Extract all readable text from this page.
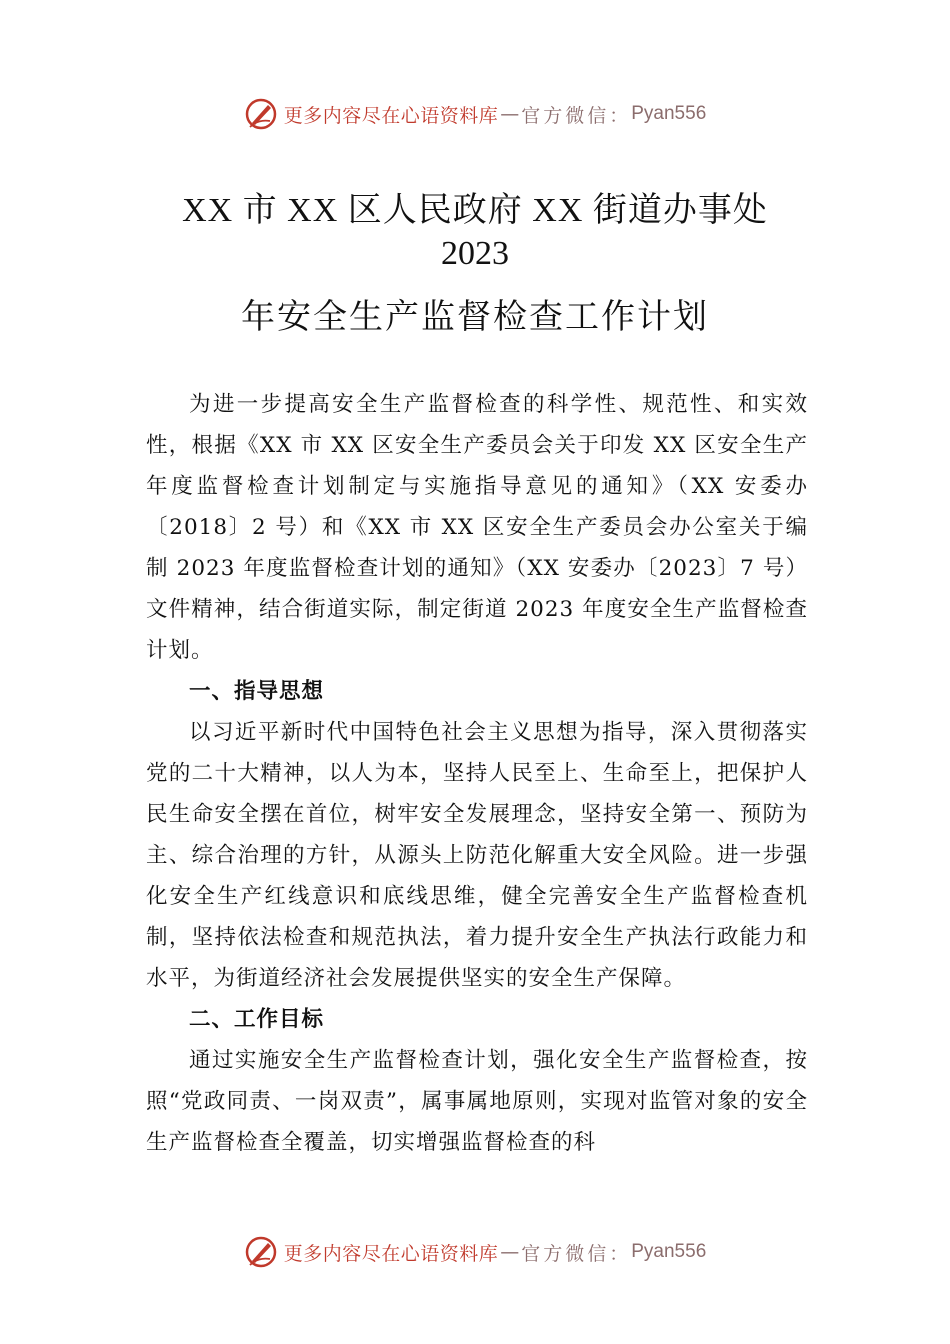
更多内容尽在心语资料库 — 官方微信： Pyan556
XX 市 XX 区人民政府 XX 街道办事处
2023
年安全生产监督检查工作计划

为进一步提高安全生产监督检查的科学性、规范性、和实效性，根据《XX 市 XX 区安全生产委员会关于印发 XX 区安全生产年度监督检查计划制定与实施指导意见的通知》（XX 安委办〔2018〕2 号）和《XX 市 XX 区安全生产委员会办公室关于编制 2023 年度监督检查计划的通知》（XX 安委办〔2023〕7 号）文件精神，结合街道实际，制定街道 2023 年度安全生产监督检查计划。

一、指导思想

以习近平新时代中国特色社会主义思想为指导，深入贯彻落实党的二十大精神，以人为本，坚持人民至上、生命至上，把保护人民生命安全摆在首位，树牢安全发展理念，坚持安全第一、预防为主、综合治理的方针，从源头上防范化解重大安全风险。进一步强化安全生产红线意识和底线思维，健全完善安全生产监督检查机制，坚持依法检查和规范执法，着力提升安全生产执法行政能力和水平，为街道经济社会发展提供坚实的安全生产保障。

二、工作目标

通过实施安全生产监督检查计划，强化安全生产监督检查，按照“党政同责、一岗双责”，属事属地原则，实现对监管对象的安全生产监督检查全覆盖，切实增强监督检查的科

更多内容尽在心语资料库 — 官方微信： Pyan556
